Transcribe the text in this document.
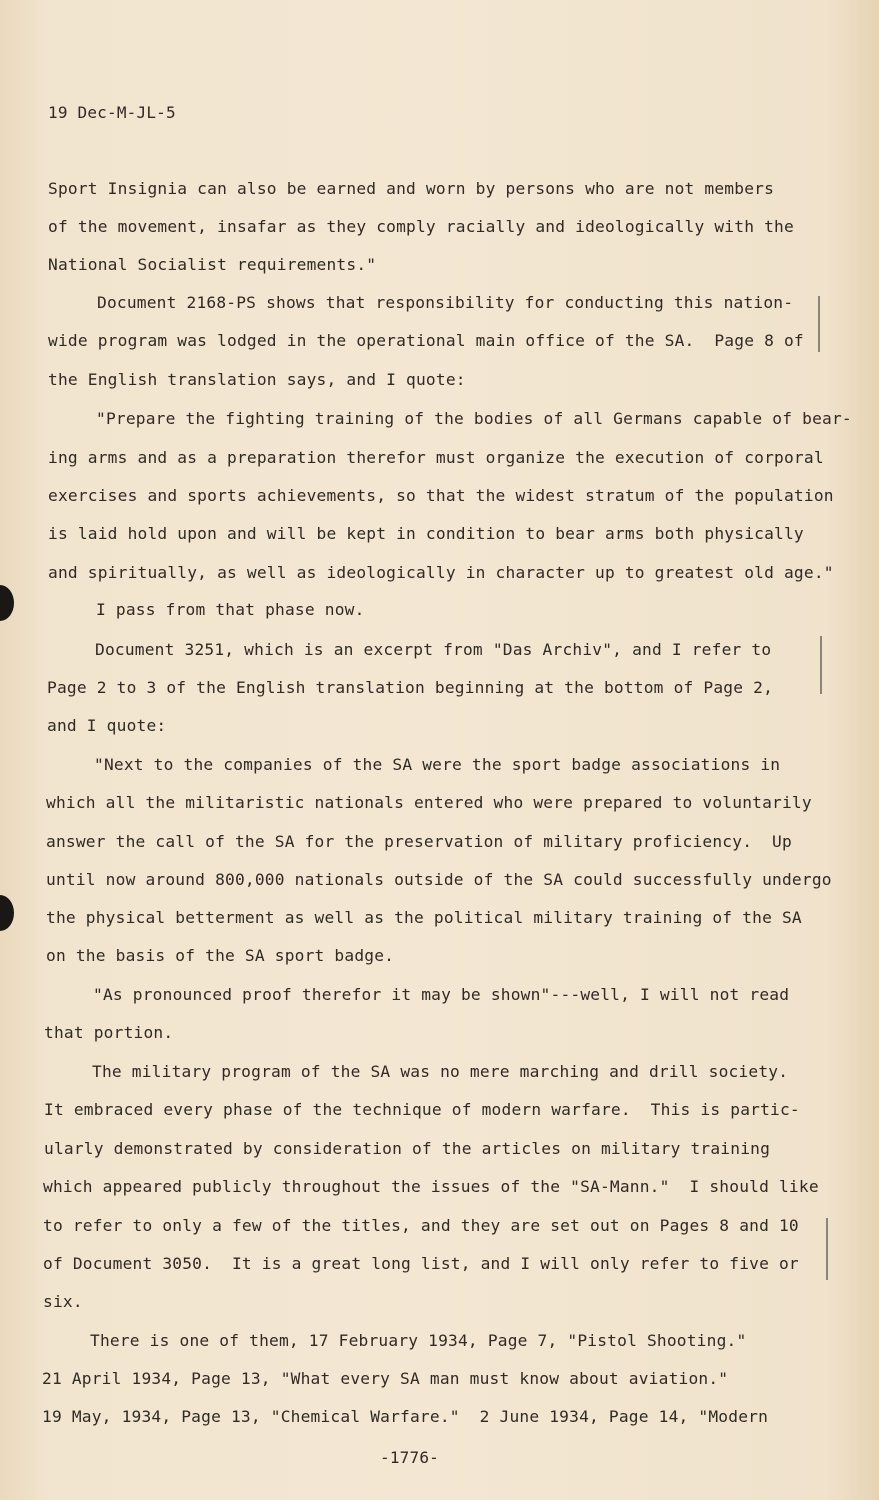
19 Dec-M-JL-5
Sport Insignia can also be earned and worn by persons who are not members
of the movement, insafar as they comply racially and ideologically with the
National Socialist requirements."
Document 2168-PS shows that responsibility for conducting this nation-
wide program was lodged in the operational main office of the SA.  Page 8 of
the English translation says, and I quote:
"Prepare the fighting training of the bodies of all Germans capable of bear-
ing arms and as a preparation therefor must organize the execution of corporal
exercises and sports achievements, so that the widest stratum of the population
is laid hold upon and will be kept in condition to bear arms both physically
and spiritually, as well as ideologically in character up to greatest old age."
I pass from that phase now.
Document 3251, which is an excerpt from "Das Archiv", and I refer to
Page 2 to 3 of the English translation beginning at the bottom of Page 2,
and I quote:
"Next to the companies of the SA were the sport badge associations in
which all the militaristic nationals entered who were prepared to voluntarily
answer the call of the SA for the preservation of military proficiency.  Up
until now around 800,000 nationals outside of the SA could successfully undergo
the physical betterment as well as the political military training of the SA
on the basis of the SA sport badge.
"As pronounced proof therefor it may be shown"---well, I will not read
that portion.
The military program of the SA was no mere marching and drill society.
It embraced every phase of the technique of modern warfare.  This is partic-
ularly demonstrated by consideration of the articles on military training
which appeared publicly throughout the issues of the "SA-Mann."  I should like
to refer to only a few of the titles, and they are set out on Pages 8 and 10
of Document 3050.  It is a great long list, and I will only refer to five or
six.
There is one of them, 17 February 1934, Page 7, "Pistol Shooting."
21 April 1934, Page 13, "What every SA man must know about aviation."
19 May, 1934, Page 13, "Chemical Warfare."  2 June 1934, Page 14, "Modern
-1776-
